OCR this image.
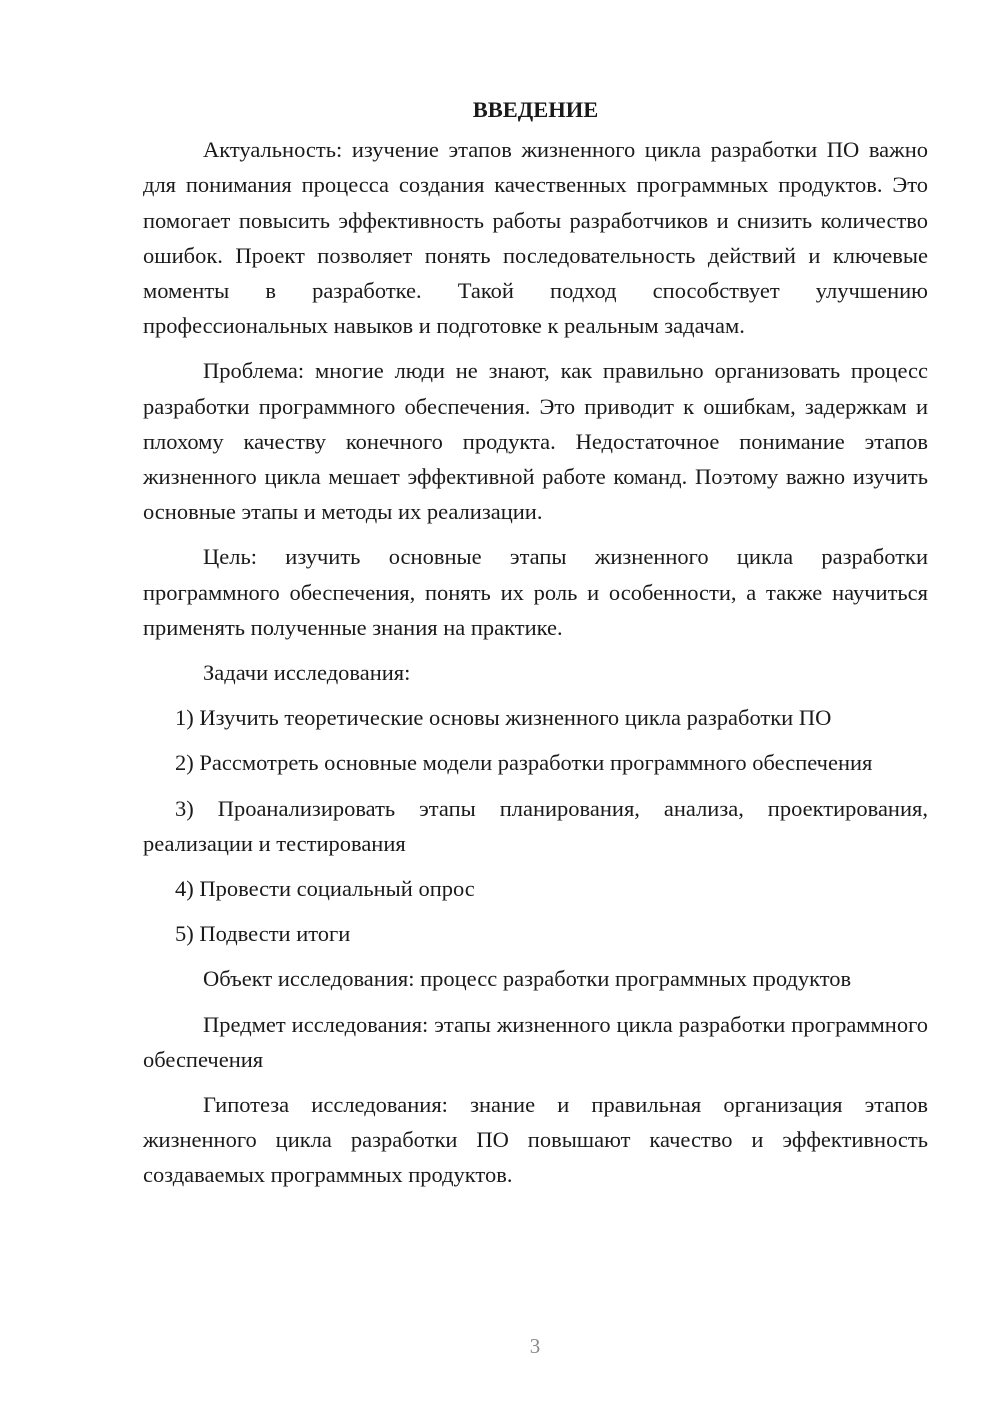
ВВЕДЕНИЕ

Актуальность: изучение этапов жизненного цикла разработки ПО важно для понимания процесса создания качественных программных продуктов. Это помогает повысить эффективность работы разработчиков и снизить количество ошибок. Проект позволяет понять последовательность действий и ключевые моменты в разработке. Такой подход способствует улучшению профессиональных навыков и подготовке к реальным задачам.

Проблема: многие люди не знают, как правильно организовать процесс разработки программного обеспечения. Это приводит к ошибкам, задержкам и плохому качеству конечного продукта. Недостаточное понимание этапов жизненного цикла мешает эффективной работе команд. Поэтому важно изучить основные этапы и методы их реализации.

Цель: изучить основные этапы жизненного цикла разработки программного обеспечения, понять их роль и особенности, а также научиться применять полученные знания на практике.

Задачи исследования:

1) Изучить теоретические основы жизненного цикла разработки ПО

2) Рассмотреть основные модели разработки программного обеспечения

3) Проанализировать этапы планирования, анализа, проектирования, реализации и тестирования

4) Провести социальный опрос

5) Подвести итоги

Объект исследования: процесс разработки программных продуктов

Предмет исследования: этапы жизненного цикла разработки программного обеспечения

Гипотеза исследования: знание и правильная организация этапов жизненного цикла разработки ПО повышают качество и эффективность создаваемых программных продуктов.

3
